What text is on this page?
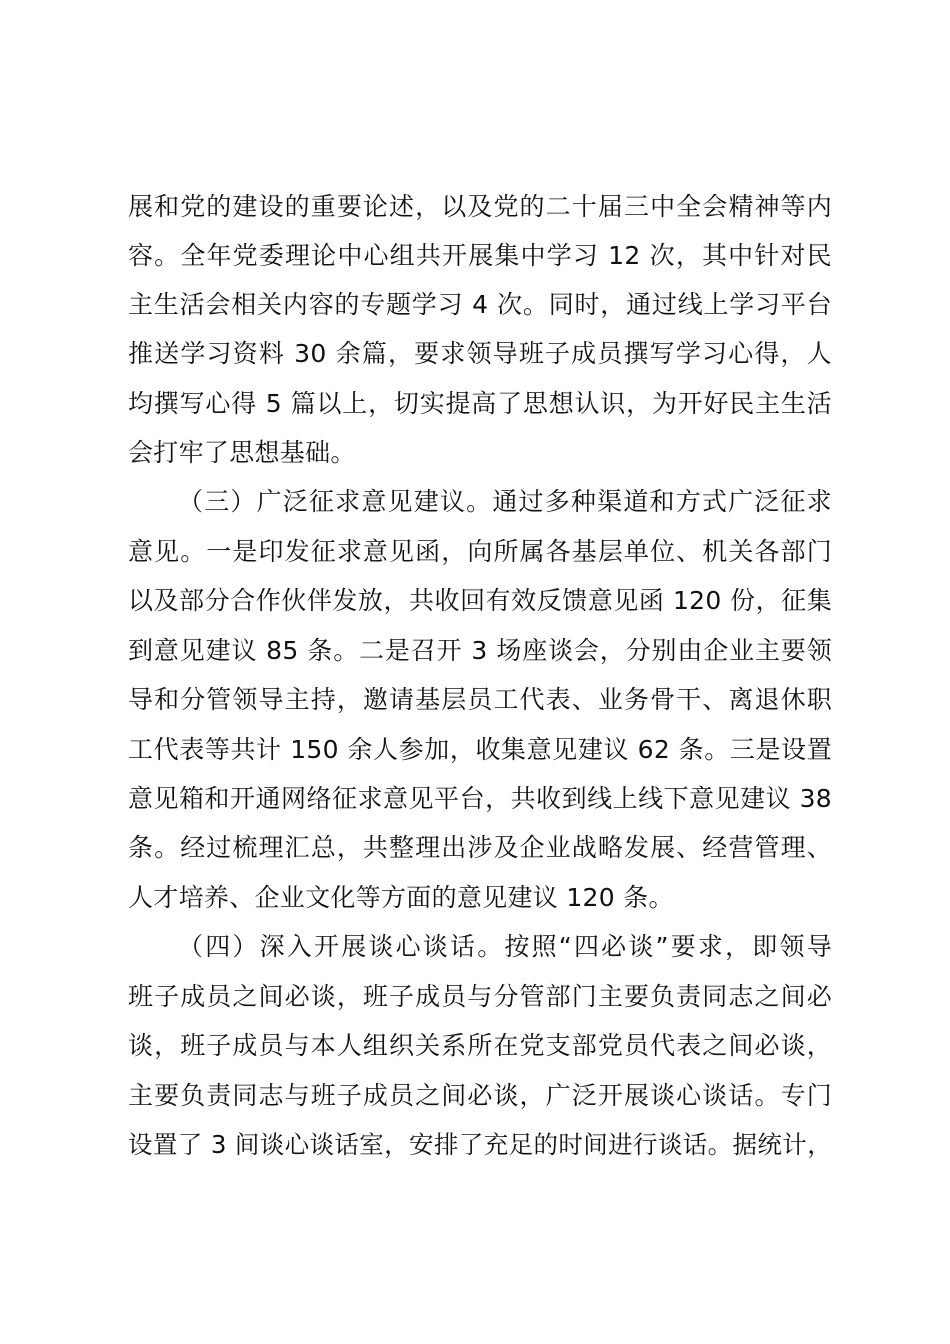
展和党的建设的重要论述，以及党的二十届三中全会精神等内
容。全年党委理论中心组共开展集中学习 12 次，其中针对民
主生活会相关内容的专题学习 4 次。同时，通过线上学习平台
推送学习资料 30 余篇，要求领导班子成员撰写学习心得，人
均撰写心得 5 篇以上，切实提高了思想认识，为开好民主生活
会打牢了思想基础。
（三）广泛征求意见建议。通过多种渠道和方式广泛征求
意见。一是印发征求意见函，向所属各基层单位、机关各部门
以及部分合作伙伴发放，共收回有效反馈意见函 120 份，征集
到意见建议 85 条。二是召开 3 场座谈会，分别由企业主要领
导和分管领导主持，邀请基层员工代表、业务骨干、离退休职
工代表等共计 150 余人参加，收集意见建议 62 条。三是设置
意见箱和开通网络征求意见平台，共收到线上线下意见建议 38
条。经过梳理汇总，共整理出涉及企业战略发展、经营管理、
人才培养、企业文化等方面的意见建议 120 条。
（四）深入开展谈心谈话。按照“四必谈”要求，即领导
班子成员之间必谈，班子成员与分管部门主要负责同志之间必
谈，班子成员与本人组织关系所在党支部党员代表之间必谈，
主要负责同志与班子成员之间必谈，广泛开展谈心谈话。专门
设置了 3 间谈心谈话室，安排了充足的时间进行谈话。据统计，
